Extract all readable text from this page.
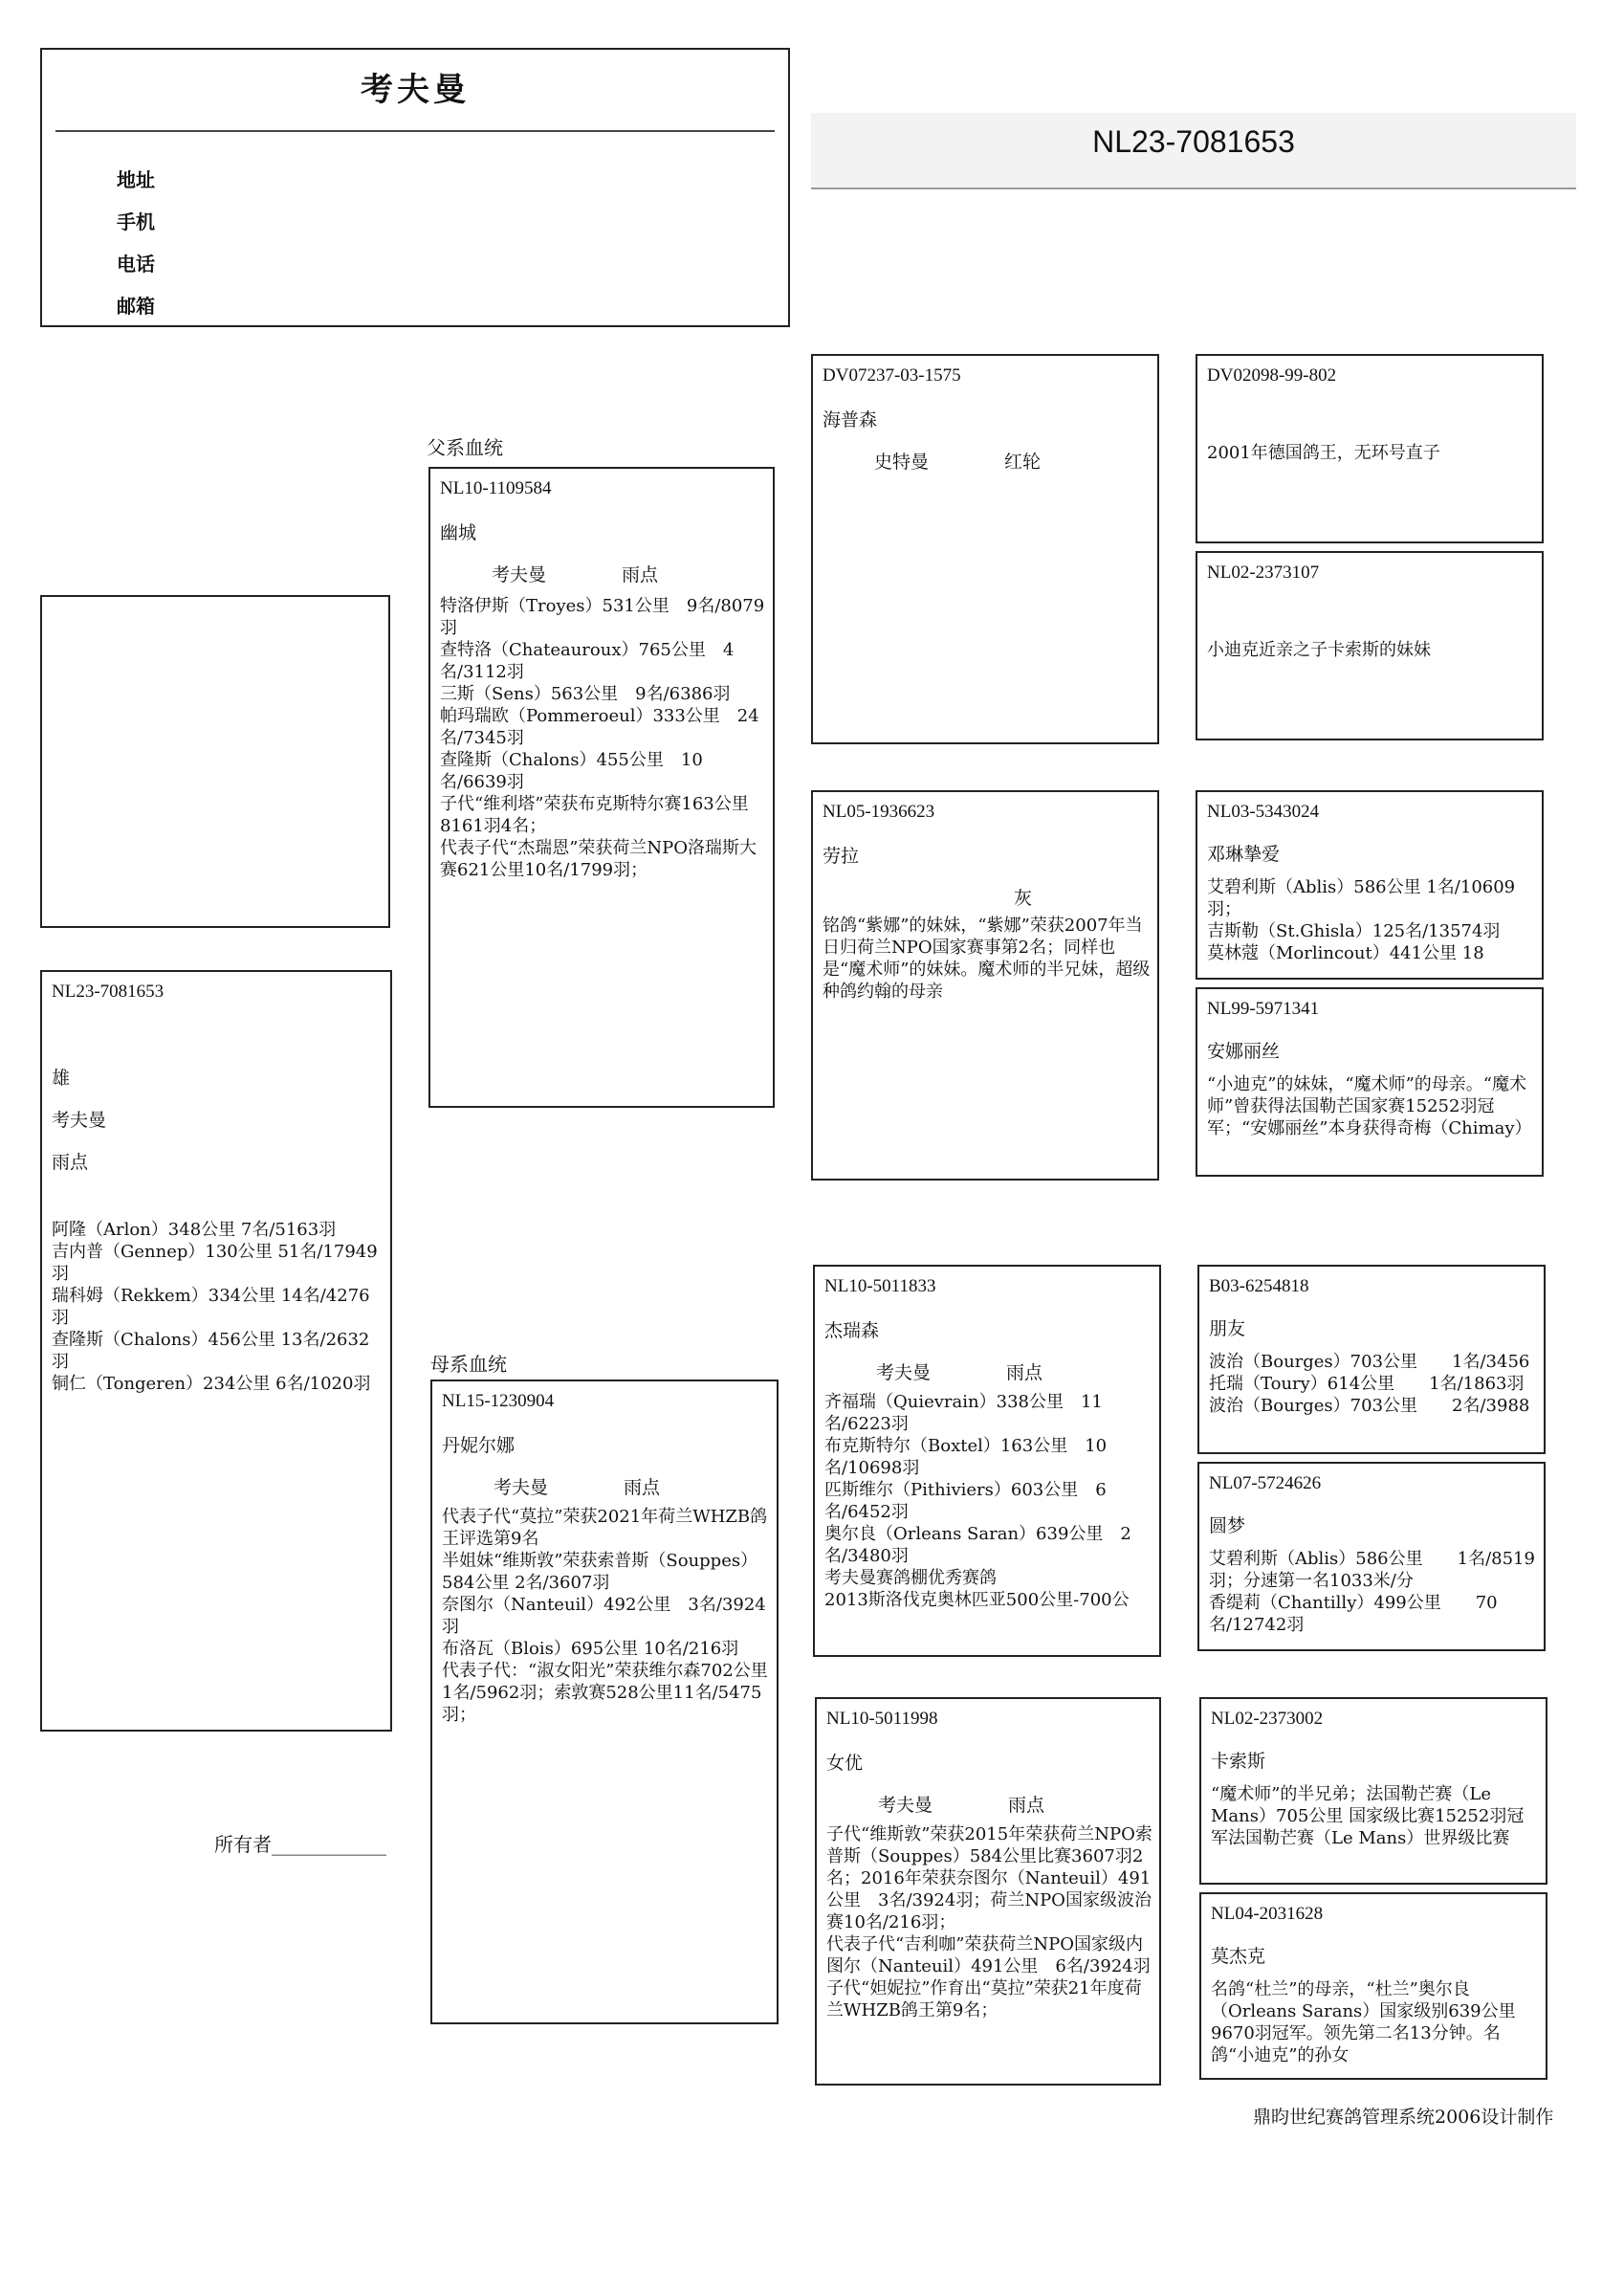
考夫曼
地址
手机
电话
邮箱
NL23-7081653
NL23-7081653
雄
考夫曼
雨点
阿隆（Arlon）348公里 7名/5163羽
吉内普（Gennep）130公里 51名/17949羽
瑞科姆（Rekkem）334公里 14名/4276羽
查隆斯（Chalons）456公里 13名/2632羽
铜仁（Tongeren）234公里 6名/1020羽
所有者____________
父系血统
母系血统
NL10-1109584
幽城
考夫曼	雨点
特洛伊斯（Troyes）531公里　9名/8079羽
查特洛（Chateauroux）765公里　4名/3112羽
三斯（Sens）563公里　9名/6386羽
帕玛瑞欧（Pommeroeul）333公里　24名/7345羽
查隆斯（Chalons）455公里　10名/6639羽
子代“维利塔”荣获布克斯特尔赛163公里8161羽4名；
代表子代“杰瑞恩”荣获荷兰NPO洛瑞斯大赛621公里10名/1799羽；
NL15-1230904
丹妮尔娜
考夫曼	雨点
代表子代“莫拉”荣获2021年荷兰WHZB鸽王评选第9名
半姐妹“维斯敦”荣获索普斯（Souppes）584公里 2名/3607羽
奈图尔（Nanteuil）492公里　3名/3924羽
布洛瓦（Blois）695公里 10名/216羽
代表子代：“淑女阳光”荣获维尔森702公里1名/5962羽；索敦赛528公里11名/5475羽；
DV07237-03-1575
海普森
史特曼	红轮
NL05-1936623
劳拉
灰
铭鸽“紫娜”的妹妹，“紫娜”荣获2007年当日归荷兰NPO国家赛事第2名；同样也是“魔术师”的妹妹。魔术师的半兄妹，超级种鸽约翰的母亲
NL10-5011833
杰瑞森
考夫曼	雨点
齐福瑞（Quievrain）338公里　11名/6223羽
布克斯特尔（Boxtel）163公里　10名/10698羽
匹斯维尔（Pithiviers）603公里　6名/6452羽
奥尔良（Orleans Saran）639公里　2名/3480羽
考夫曼赛鸽棚优秀赛鸽
2013斯洛伐克奥林匹亚500公里-700公
NL10-5011998
女优
考夫曼	雨点
子代“维斯敦”荣获2015年荣获荷兰NPO索普斯（Souppes）584公里比赛3607羽2名；2016年荣获奈图尔（Nanteuil）491公里　3名/3924羽；荷兰NPO国家级波治赛10名/216羽；
代表子代“吉利咖”荣获荷兰NPO国家级内图尔（Nanteuil）491公里　6名/3924羽
子代“妲妮拉”作育出“莫拉”荣获21年度荷兰WHZB鸽王第9名；
DV02098-99-802
2001年德国鸽王，无环号直子
NL02-2373107
小迪克近亲之子卡索斯的妹妹
NL03-5343024
邓琳摯爱
艾碧利斯（Ablis）586公里 1名/10609羽；
吉斯勒（St.Ghisla）125名/13574羽
莫林蔻（Morlincout）441公里 18
NL99-5971341
安娜丽丝
“小迪克”的妹妹，“魔术师”的母亲。“魔术师”曾获得法国勒芒国家赛15252羽冠军；“安娜丽丝”本身获得奇梅（Chimay）
B03-6254818
朋友
波治（Bourges）703公里　　1名/3456
托瑞（Toury）614公里　　1名/1863羽
波治（Bourges）703公里　　2名/3988
NL07-5724626
圆梦
艾碧利斯（Ablis）586公里　　1名/8519羽；分速第一名1033米/分
香缇莉（Chantilly）499公里　　70名/12742羽
NL02-2373002
卡索斯
“魔术师”的半兄弟；法国勒芒赛（Le Mans）705公里 国家级比赛15252羽冠军法国勒芒赛（Le Mans）世界级比赛
NL04-2031628
莫杰克
名鸽“杜兰”的母亲，“杜兰”奥尔良（Orleans Sarans）国家级别639公里9670羽冠军。领先第二名13分钟。名鸽“小迪克”的孙女
鼎昀世纪赛鸽管理系统2006设计制作
